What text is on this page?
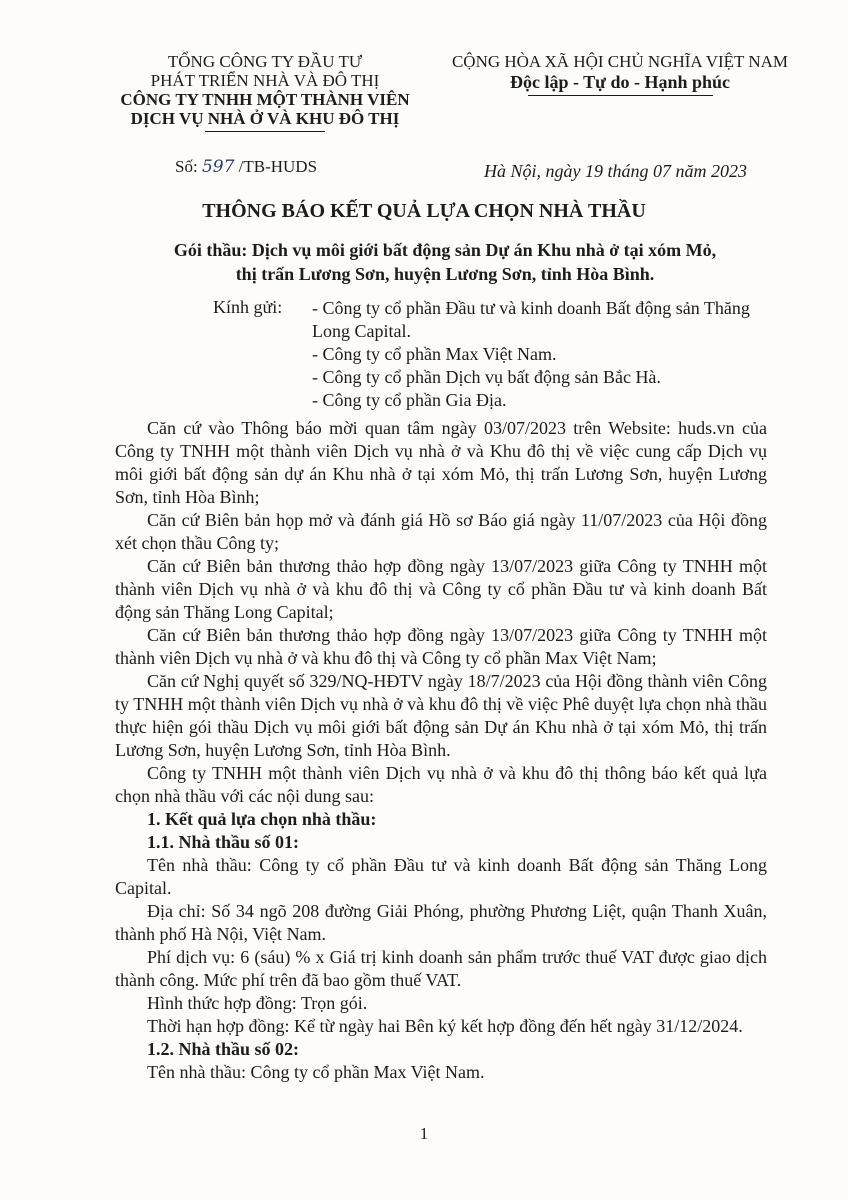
TỔNG CÔNG TY ĐẦU TƯ
PHÁT TRIỂN NHÀ VÀ ĐÔ THỊ
CÔNG TY TNHH MỘT THÀNH VIÊN
DỊCH VỤ NHÀ Ở VÀ KHU ĐÔ THỊ
CỘNG HÒA XÃ HỘI CHỦ NGHĨA VIỆT NAM
Độc lập - Tự do - Hạnh phúc
Số: 597 /TB-HUDS	Hà Nội, ngày 19 tháng 07 năm 2023
THÔNG BÁO KẾT QUẢ LỰA CHỌN NHÀ THẦU
Gói thầu: Dịch vụ môi giới bất động sản Dự án Khu nhà ở tại xóm Mỏ,
thị trấn Lương Sơn, huyện Lương Sơn, tỉnh Hòa Bình.
Kính gửi: - Công ty cổ phần Đầu tư và kinh doanh Bất động sản Thăng Long Capital.

- Công ty cổ phần Max Việt Nam.

- Công ty cổ phần Dịch vụ bất động sản Bắc Hà.

- Công ty cổ phần Gia Địa.

Căn cứ vào Thông báo mời quan tâm ngày 03/07/2023 trên Website: huds.vn của Công ty TNHH một thành viên Dịch vụ nhà ở và Khu đô thị về việc cung cấp Dịch vụ môi giới bất động sản dự án Khu nhà ở tại xóm Mỏ, thị trấn Lương Sơn, huyện Lương Sơn, tỉnh Hòa Bình;

Căn cứ Biên bản họp mở và đánh giá Hồ sơ Báo giá ngày 11/07/2023 của Hội đồng xét chọn thầu Công ty;

Căn cứ Biên bản thương thảo hợp đồng ngày 13/07/2023 giữa Công ty TNHH một thành viên Dịch vụ nhà ở và khu đô thị và Công ty cổ phần Đầu tư và kinh doanh Bất động sản Thăng Long Capital;

Căn cứ Biên bản thương thảo hợp đồng ngày 13/07/2023 giữa Công ty TNHH một thành viên Dịch vụ nhà ở và khu đô thị và Công ty cổ phần Max Việt Nam;

Căn cứ Nghị quyết số 329/NQ-HĐTV ngày 18/7/2023 của Hội đồng thành viên Công ty TNHH một thành viên Dịch vụ nhà ở và khu đô thị về việc Phê duyệt lựa chọn nhà thầu thực hiện gói thầu Dịch vụ môi giới bất động sản Dự án Khu nhà ở tại xóm Mỏ, thị trấn Lương Sơn, huyện Lương Sơn, tỉnh Hòa Bình.

Công ty TNHH một thành viên Dịch vụ nhà ở và khu đô thị thông báo kết quả lựa chọn nhà thầu với các nội dung sau:

1. Kết quả lựa chọn nhà thầu:
1.1. Nhà thầu số 01:

Tên nhà thầu: Công ty cổ phần Đầu tư và kinh doanh Bất động sản Thăng Long Capital.

Địa chỉ: Số 34 ngõ 208 đường Giải Phóng, phường Phương Liệt, quận Thanh Xuân, thành phố Hà Nội, Việt Nam.

Phí dịch vụ: 6 (sáu) % x Giá trị kinh doanh sản phẩm trước thuế VAT được giao dịch thành công. Mức phí trên đã bao gồm thuế VAT.

Hình thức hợp đồng: Trọn gói.

Thời hạn hợp đồng: Kể từ ngày hai Bên ký kết hợp đồng đến hết ngày 31/12/2024.

1.2. Nhà thầu số 02:

Tên nhà thầu: Công ty cổ phần Max Việt Nam.

1
